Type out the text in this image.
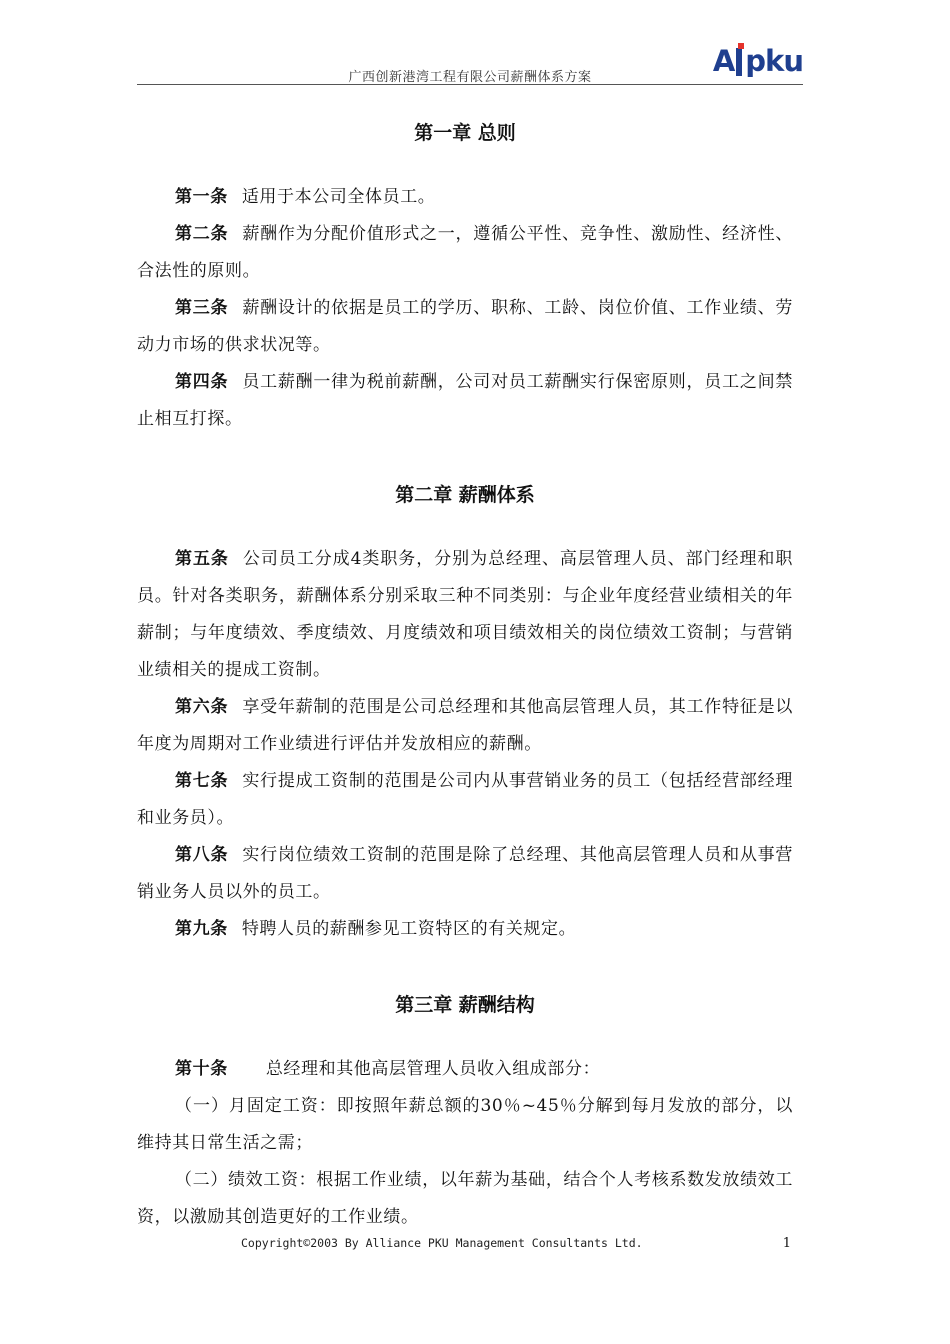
广西创新港湾工程有限公司薪酬体系方案	A pku
第一章 总则

第一条 适用于本公司全体员工。

第二条 薪酬作为分配价值形式之一，遵循公平性、竞争性、激励性、经济性、合法性的原则。

第三条 薪酬设计的依据是员工的学历、职称、工龄、岗位价值、工作业绩、劳动力市场的供求状况等。

第四条 员工薪酬一律为税前薪酬，公司对员工薪酬实行保密原则，员工之间禁止相互打探。

第二章 薪酬体系

第五条 公司员工分成4类职务，分别为总经理、高层管理人员、部门经理和职员。针对各类职务，薪酬体系分别采取三种不同类别：与企业年度经营业绩相关的年薪制；与年度绩效、季度绩效、月度绩效和项目绩效相关的岗位绩效工资制；与营销业绩相关的提成工资制。

第六条 享受年薪制的范围是公司总经理和其他高层管理人员，其工作特征是以年度为周期对工作业绩进行评估并发放相应的薪酬。

第七条 实行提成工资制的范围是公司内从事营销业务的员工（包括经营部经理和业务员）。

第八条 实行岗位绩效工资制的范围是除了总经理、其他高层管理人员和从事营销业务人员以外的员工。

第九条 特聘人员的薪酬参见工资特区的有关规定。

第三章 薪酬结构

第十条 总经理和其他高层管理人员收入组成部分：

（一）月固定工资：即按照年薪总额的30％~45％分解到每月发放的部分，以维持其日常生活之需；

（二）绩效工资：根据工作业绩，以年薪为基础，结合个人考核系数发放绩效工资，以激励其创造更好的工作业绩。

Copyright©2003 By Alliance PKU Management Consultants Ltd.	1
